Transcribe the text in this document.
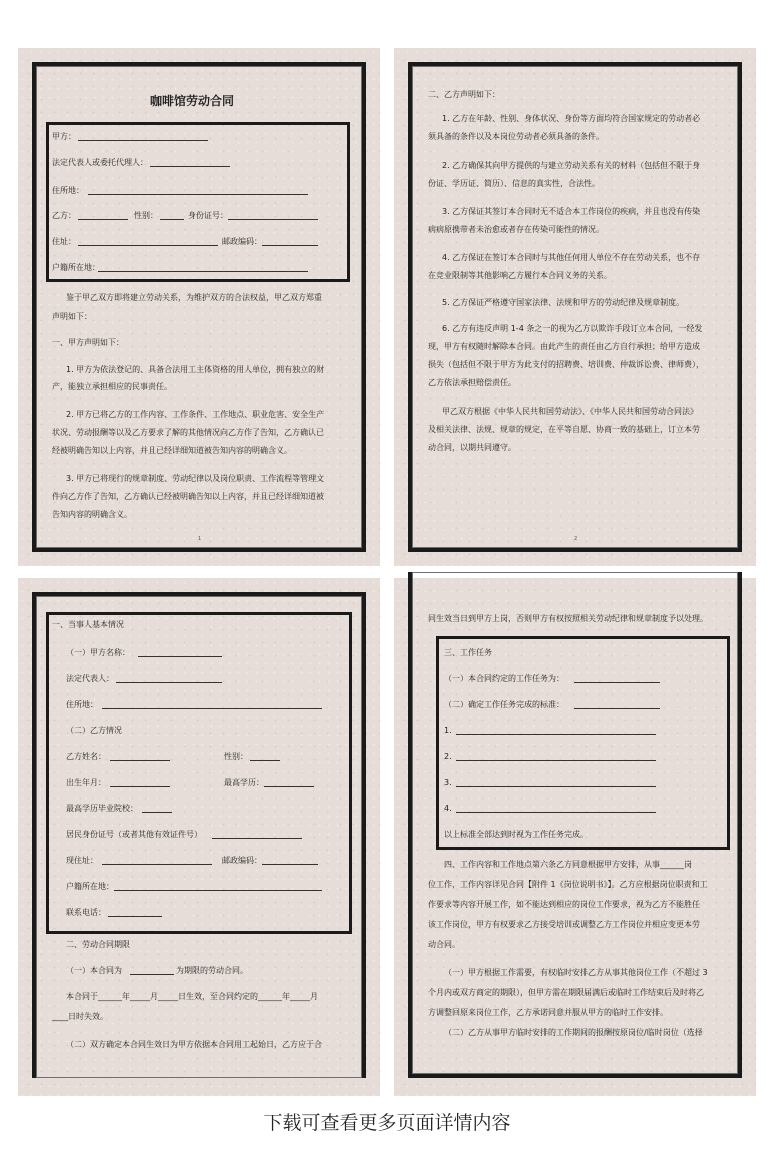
咖啡馆劳动合同
甲方：
法定代表人或委托代理人：
住所地：
乙方：	性别：	身份证号：
住址：	邮政编码：
户籍所在地：
鉴于甲乙双方即将建立劳动关系，为维护双方的合法权益，甲乙双方郑重
声明如下：
一、甲方声明如下：
1. 甲方为依法登记的、具备合法用工主体资格的用人单位，拥有独立的财
产，能独立承担相应的民事责任。
2. 甲方已将乙方的工作内容、工作条件、工作地点、职业危害、安全生产
状况、劳动报酬等以及乙方要求了解的其他情况向乙方作了告知，乙方确认已
经被明确告知以上内容，并且已经详细知道被告知内容的明确含义。
3. 甲方已将现行的规章制度、劳动纪律以及岗位职责、工作流程等管理文
件向乙方作了告知，乙方确认已经被明确告知以上内容，并且已经详细知道被
告知内容的明确含义。
1
二、乙方声明如下：
1. 乙方在年龄、性别、身体状况、身份等方面均符合国家规定的劳动者必
须具备的条件以及本岗位劳动者必须具备的条件。
2. 乙方确保其向甲方提供的与建立劳动关系有关的材料（包括但不限于身
份证、学历证、简历）、信息的真实性，合法性。
3. 乙方保证其签订本合同时无不适合本工作岗位的疾病，并且也没有传染
病病原携带者未治愈或者存在传染可能性的情况。
4. 乙方保证在签订本合同时与其他任何用人单位不存在劳动关系，也不存
在竞业限制等其他影响乙方履行本合同义务的关系。
5. 乙方保证严格遵守国家法律、法规和甲方的劳动纪律及规章制度。
6. 乙方有违反声明 1-4 条之一的视为乙方以欺诈手段订立本合同，一经发
现，甲方有权随时解除本合同。由此产生的责任由乙方自行承担；给甲方造成
损失（包括但不限于甲方为此支付的招聘费、培训费、仲裁诉讼费、律师费），
乙方依法承担赔偿责任。
甲乙双方根据《中华人民共和国劳动法》、《中华人民共和国劳动合同法》
及相关法律、法规、规章的规定，在平等自愿、协商一致的基础上，订立本劳
动合同，以期共同遵守。
2
一、当事人基本情况
（一）甲方名称：
法定代表人：
住所地：
（二）乙方情况
乙方姓名：	性别：
出生年月：	最高学历：
最高学历毕业院校：
居民身份证号（或者其他有效证件号）
现住址：	邮政编码：
户籍所在地：
联系电话：
二、劳动合同期限
（一）本合同为	为期限的劳动合同。
本合同于______年_____月_____日生效，至合同约定的______年_____月
____日时失效。
（二）双方确定本合同生效日为甲方依据本合同用工起始日，乙方应于合
同生效当日到甲方上岗，否则甲方有权按照相关劳动纪律和规章制度予以处理。
三、工作任务
（一）本合同约定的工作任务为：
（二）确定工作任务完成的标准：
1.
2.
3.
4.
以上标准全部达到时视为工作任务完成。
四、工作内容和工作地点第六条乙方同意根据甲方安排，从事______岗
位工作，工作内容详见合同【附件 1《岗位说明书》】。乙方应根据岗位职责和工
作要求等内容开展工作，如不能达到相应的岗位工作要求，视为乙方不能胜任
该工作岗位，甲方有权要求乙方接受培训或调整乙方工作岗位并相应变更本劳
动合同。
（一）甲方根据工作需要，有权临时安排乙方从事其他岗位工作（不超过 3
个月内或双方商定的期限），但甲方需在期限届满后或临时工作结束后及时将乙
方调整回原来岗位工作，乙方承诺同意并服从甲方的临时工作安排。
（二）乙方从事甲方临时安排的工作期间的报酬按原岗位/临时岗位（选择
下载可查看更多页面详情内容
